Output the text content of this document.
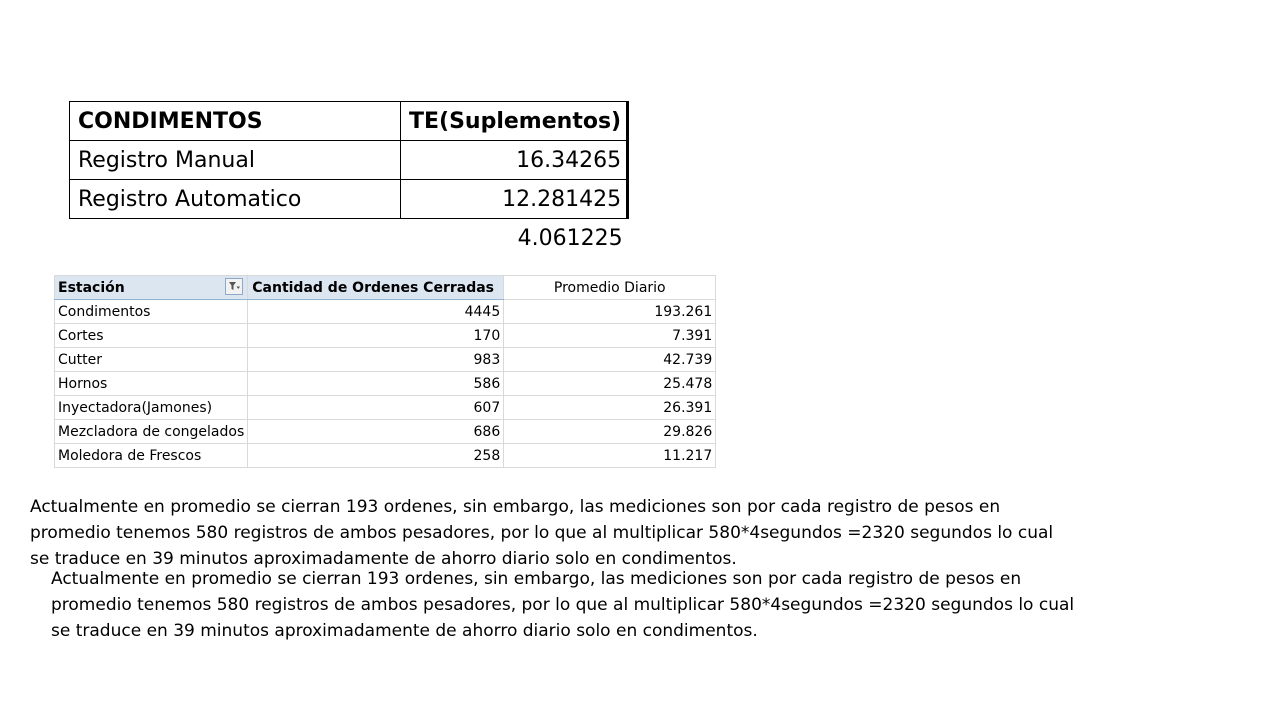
CONDIMENTOS	TE(Suplementos)
Registro Manual	16.34265
Registro Automatico	12.281425
	4.061225
Estación	Cantidad de Ordenes Cerradas	Promedio Diario
Condimentos	4445	193.261
Cortes	170	7.391
Cutter	983	42.739
Hornos	586	25.478
Inyectadora(Jamones)	607	26.391
Mezcladora de congelados	686	29.826
Moledora de Frescos	258	11.217

Actualmente en promedio se cierran 193 ordenes, sin embargo, las mediciones son por cada registro de pesos en promedio tenemos 580 registros de ambos pesadores, por lo que al multiplicar 580*4segundos =2320 segundos lo cual se traduce en 39 minutos aproximadamente de ahorro diario solo en condimentos.

Actualmente en promedio se cierran 193 ordenes, sin embargo, las mediciones son por cada registro de pesos en promedio tenemos 580 registros de ambos pesadores, por lo que al multiplicar 580*4segundos =2320 segundos lo cual se traduce en 39 minutos aproximadamente de ahorro diario solo en condimentos.
